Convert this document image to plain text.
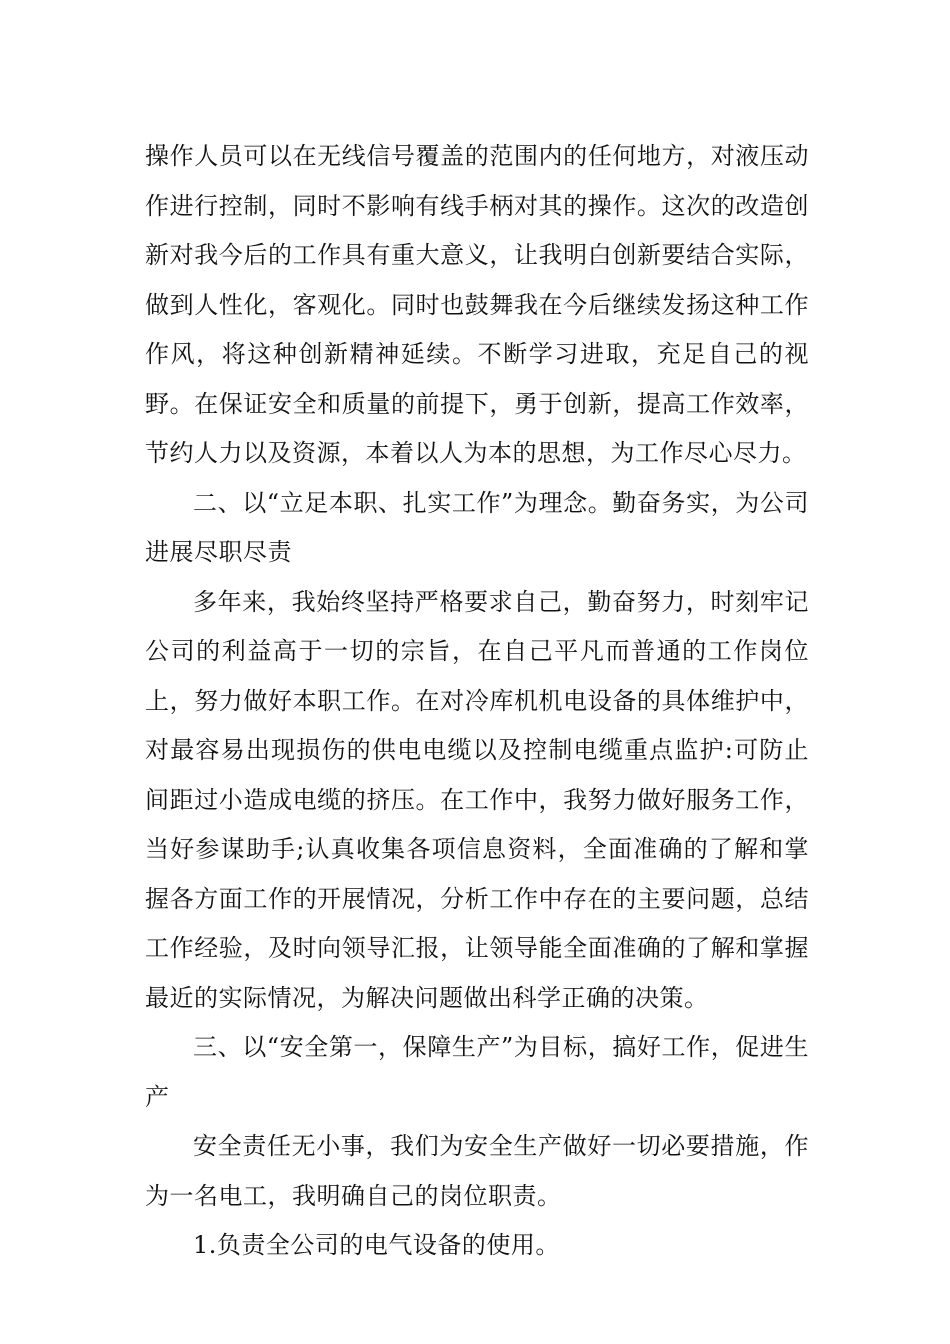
操作人员可以在无线信号覆盖的范围内的任何地方，对液压动作进行控制，同时不影响有线手柄对其的操作。这次的改造创新对我今后的工作具有重大意义，让我明白创新要结合实际，做到人性化，客观化。同时也鼓舞我在今后继续发扬这种工作作风，将这种创新精神延续。不断学习进取，充足自己的视野。在保证安全和质量的前提下，勇于创新，提高工作效率，节约人力以及资源，本着以人为本的思想，为工作尽心尽力。

二、以“立足本职、扎实工作”为理念。勤奋务实，为公司进展尽职尽责

多年来，我始终坚持严格要求自己，勤奋努力，时刻牢记公司的利益高于一切的宗旨，在自己平凡而普通的工作岗位上，努力做好本职工作。在对冷库机机电设备的具体维护中，对最容易出现损伤的供电电缆以及控制电缆重点监护:可防止间距过小造成电缆的挤压。在工作中，我努力做好服务工作，当好参谋助手;认真收集各项信息资料，全面准确的了解和掌握各方面工作的开展情况，分析工作中存在的主要问题，总结工作经验，及时向领导汇报，让领导能全面准确的了解和掌握最近的实际情况，为解决问题做出科学正确的决策。

三、以“安全第一，保障生产”为目标，搞好工作，促进生产

安全责任无小事，我们为安全生产做好一切必要措施，作为一名电工，我明确自己的岗位职责。

1.负责全公司的电气设备的使用。
